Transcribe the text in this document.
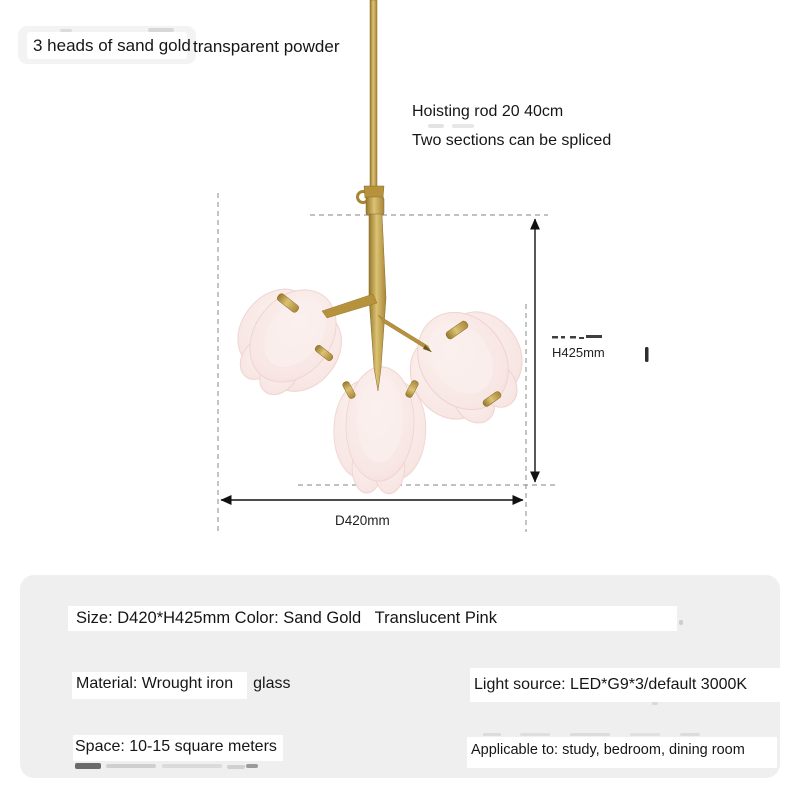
3 heads of sand gold transparent powder
Hoisting rod 20 40cm
Two sections can be spliced
H425mm
D420mm
Size: D420*H425mm Color: Sand Gold   Translucent Pink
Material: Wrought iron glass	Light source: LED*G9*3/default 3000K
Space: 10-15 square meters	Applicable to: study, bedroom, dining room
